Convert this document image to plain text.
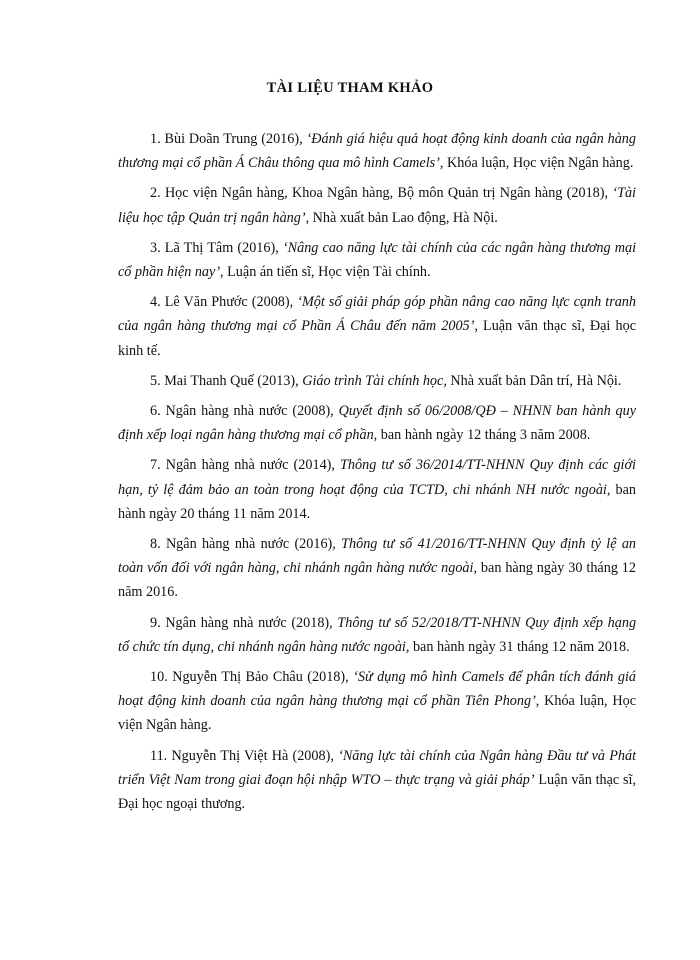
TÀI LIỆU THAM KHẢO

1. Bùi Doãn Trung (2016), ‘Đánh giá hiệu quả hoạt động kinh doanh của ngân hàng thương mại cổ phần Á Châu thông qua mô hình Camels’, Khóa luận, Học viện Ngân hàng.

2. Học viện Ngân hàng, Khoa Ngân hàng, Bộ môn Quản trị Ngân hàng (2018), ‘Tài liệu học tập Quản trị ngân hàng’, Nhà xuất bản Lao động, Hà Nội.

3. Lã Thị Tâm (2016), ‘Nâng cao năng lực tài chính của các ngân hàng thương mại cổ phần hiện nay’, Luận án tiến sĩ, Học viện Tài chính.

4. Lê Văn Phước (2008), ‘Một số giải pháp góp phần nâng cao năng lực cạnh tranh của ngân hàng thương mại cổ Phần Á Châu đến năm 2005’, Luận văn thạc sĩ, Đại học kinh tế.

5. Mai Thanh Quế (2013), Giáo trình Tài chính học, Nhà xuất bản Dân trí, Hà Nội.

6. Ngân hàng nhà nước (2008), Quyết định số 06/2008/QĐ – NHNN ban hành quy định xếp loại ngân hàng thương mại cổ phần, ban hành ngày 12 tháng 3 năm 2008.

7. Ngân hàng nhà nước (2014), Thông tư số 36/2014/TT-NHNN Quy định các giới hạn, tỷ lệ đảm bảo an toàn trong hoạt động của TCTD, chi nhánh NH nước ngoài, ban hành ngày 20 tháng 11 năm 2014.

8. Ngân hàng nhà nước (2016), Thông tư số 41/2016/TT-NHNN Quy định tỷ lệ an toàn vốn đối với ngân hàng, chi nhánh ngân hàng nước ngoài, ban hàng ngày 30 tháng 12 năm 2016.

9. Ngân hàng nhà nước (2018), Thông tư số 52/2018/TT-NHNN Quy định xếp hạng tổ chức tín dụng, chi nhánh ngân hàng nước ngoài, ban hành ngày 31 tháng 12 năm 2018.

10. Nguyễn Thị Bảo Châu (2018), ‘Sử dụng mô hình Camels để phân tích đánh giá hoạt động kinh doanh của ngân hàng thương mại cổ phần Tiên Phong’, Khóa luận, Học viện Ngân hàng.

11. Nguyễn Thị Việt Hà (2008), ‘Năng lực tài chính của Ngân hàng Đầu tư và Phát triển Việt Nam trong giai đoạn hội nhập WTO – thực trạng và giải pháp’ Luận văn thạc sĩ, Đại học ngoại thương.
